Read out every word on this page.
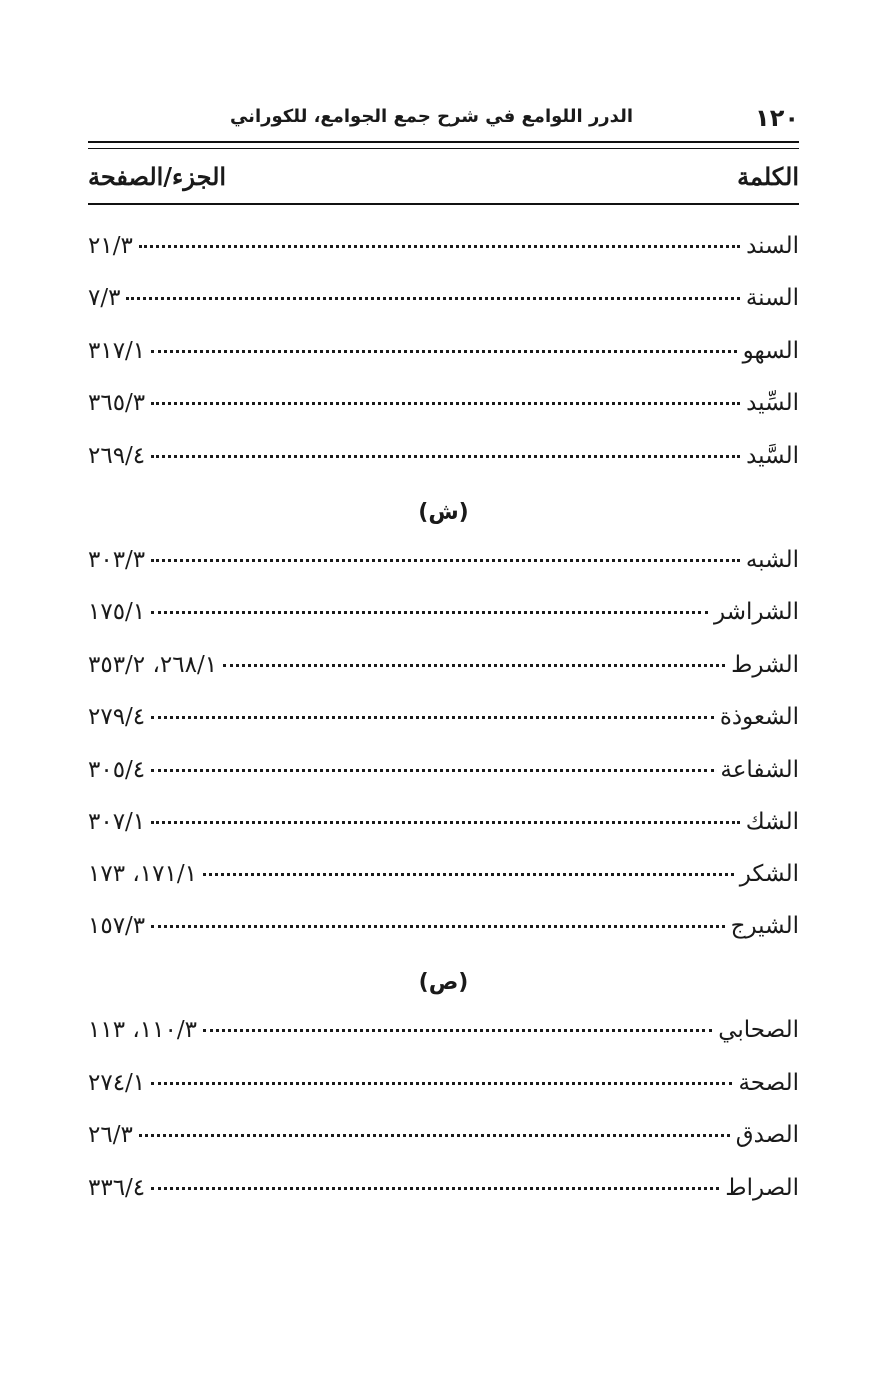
١٢٠
الدرر اللوامع في شرح جمع الجوامع، للكوراني
الكلمة
الجزء/الصفحة
السند
٢١/٣
السنة
٧/٣
السهو
٣١٧/١
السِّيد
٣٦٥/٣
السَّيد
٢٦٩/٤
(ش)
الشبه
٣٠٣/٣
الشراشر
١٧٥/١
الشرط
٢٦٨/١، ٣٥٣/٢
الشعوذة
٢٧٩/٤
الشفاعة
٣٠٥/٤
الشك
٣٠٧/١
الشكر
١٧١/١، ١٧٣
الشيرج
١٥٧/٣
(ص)
الصحابي
١١٠/٣، ١١٣
الصحة
٢٧٤/١
الصدق
٢٦/٣
الصراط
٣٣٦/٤
